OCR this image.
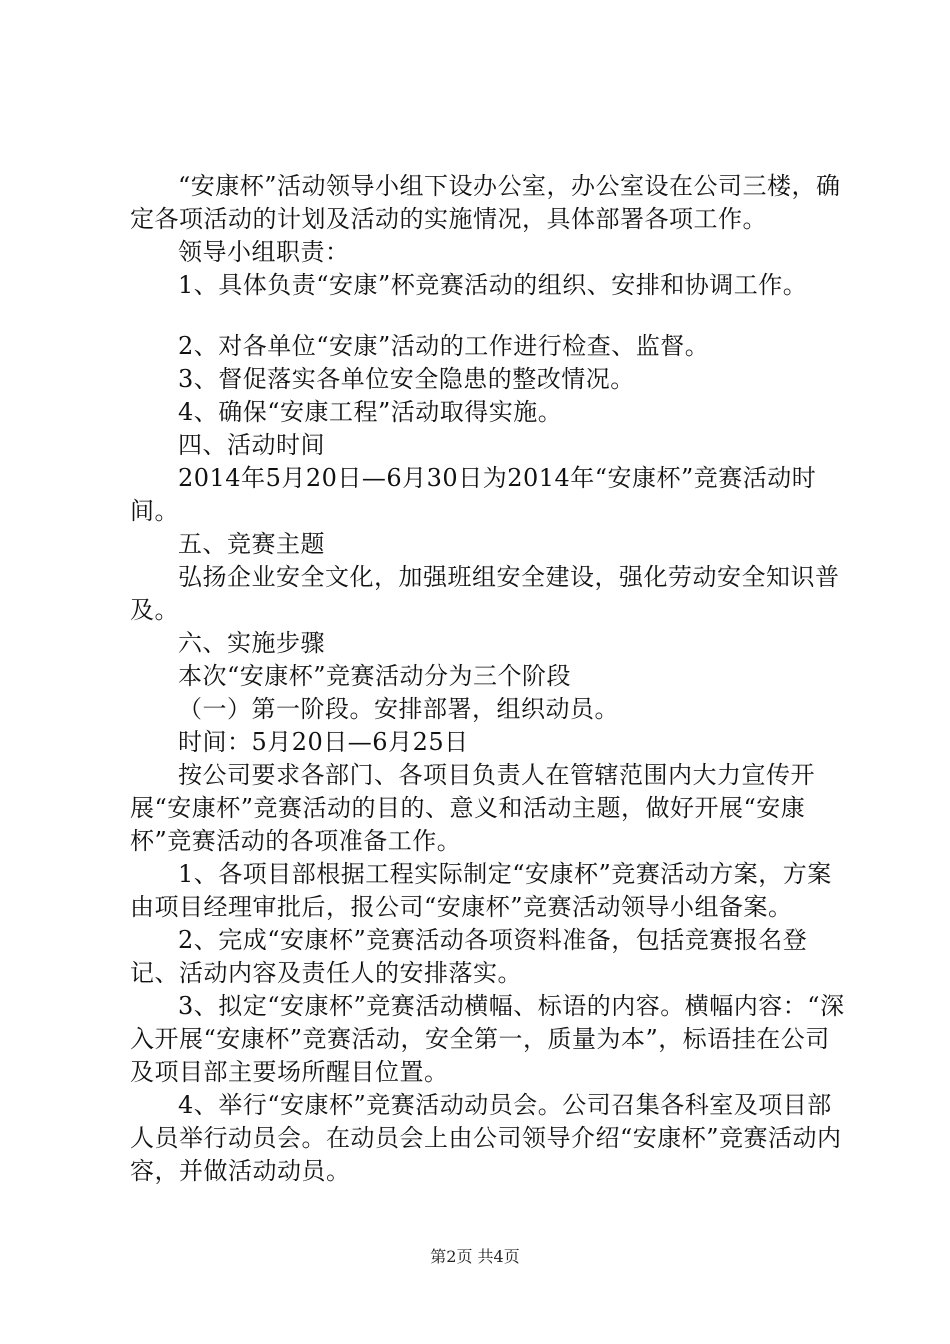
“安康杯”活动领导小组下设办公室，办公室设在公司三楼，确定各项活动的计划及活动的实施情况，具体部署各项工作。

领导小组职责：

1、具体负责“安康”杯竞赛活动的组织、安排和协调工作。

2、对各单位“安康”活动的工作进行检查、监督。

3、督促落实各单位安全隐患的整改情况。

4、确保“安康工程”活动取得实施。

四、活动时间

2014年5月20日—6月30日为2014年“安康杯”竞赛活动时间。

五、竞赛主题

弘扬企业安全文化，加强班组安全建设，强化劳动安全知识普及。

六、实施步骤

本次“安康杯”竞赛活动分为三个阶段

（一）第一阶段。安排部署，组织动员。

时间：5月20日—6月25日

按公司要求各部门、各项目负责人在管辖范围内大力宣传开展“安康杯”竞赛活动的目的、意义和活动主题，做好开展“安康杯”竞赛活动的各项准备工作。

1、各项目部根据工程实际制定“安康杯”竞赛活动方案，方案由项目经理审批后，报公司“安康杯”竞赛活动领导小组备案。

2、完成“安康杯”竞赛活动各项资料准备，包括竞赛报名登记、活动内容及责任人的安排落实。

3、拟定“安康杯”竞赛活动横幅、标语的内容。横幅内容：“深入开展“安康杯”竞赛活动，安全第一，质量为本”，标语挂在公司及项目部主要场所醒目位置。

4、举行“安康杯”竞赛活动动员会。公司召集各科室及项目部人员举行动员会。在动员会上由公司领导介绍“安康杯”竞赛活动内容，并做活动动员。

第2页 共4页
